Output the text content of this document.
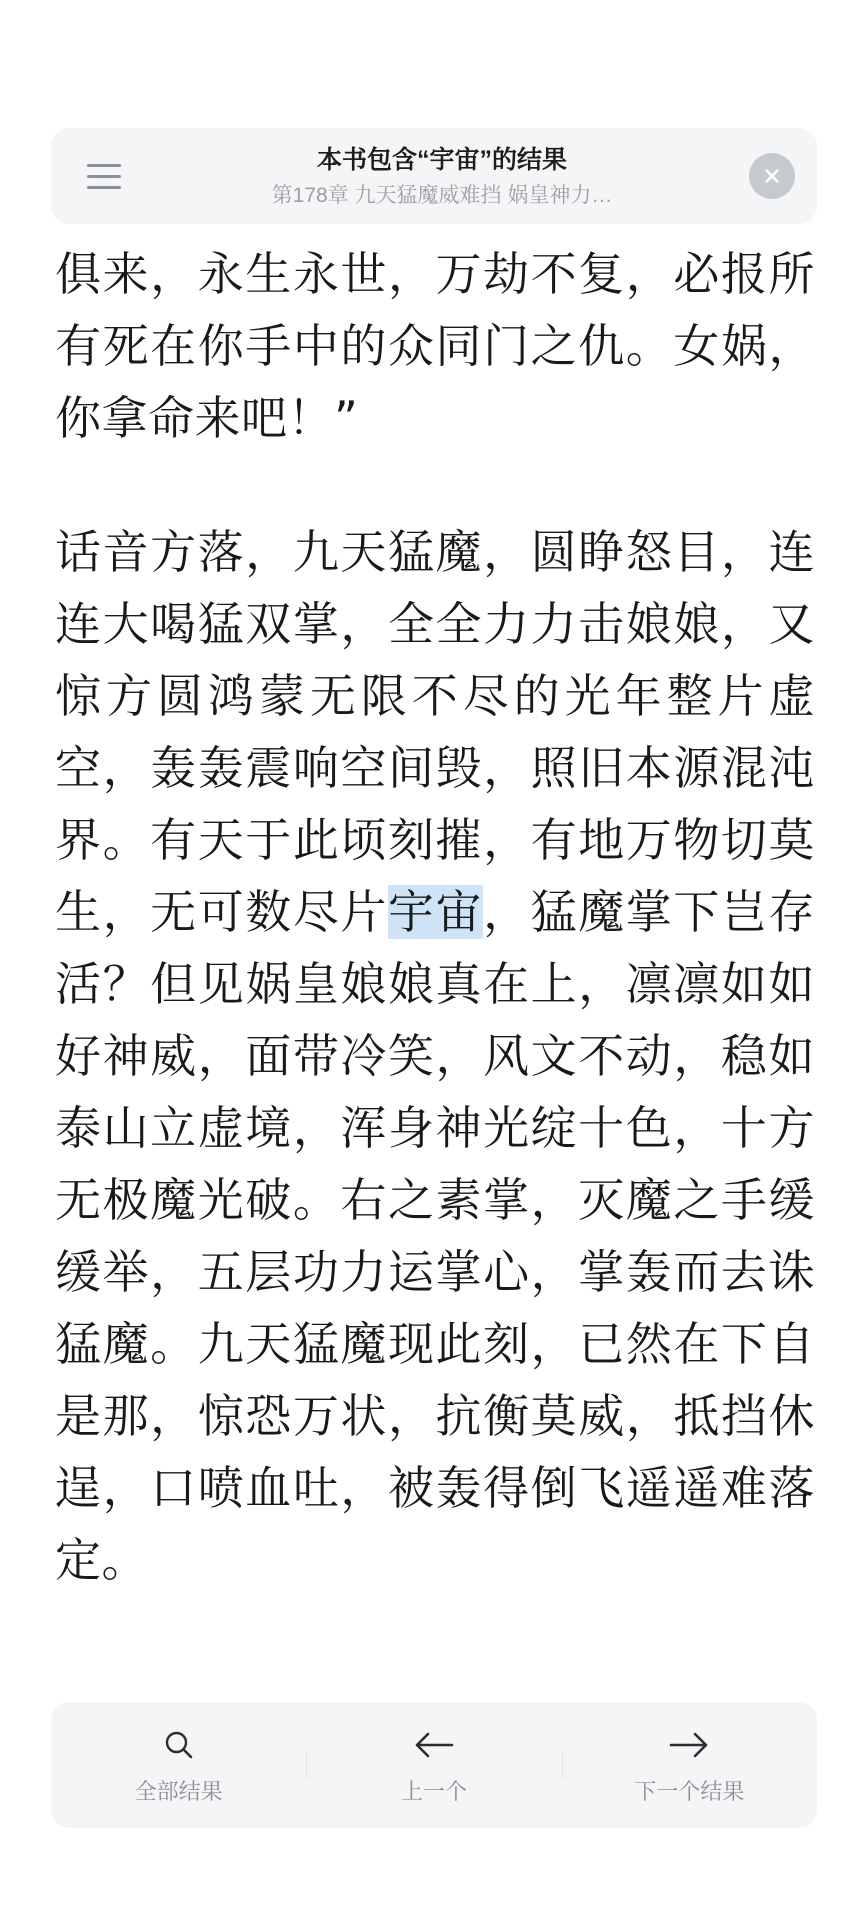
本书包含“宇宙”的结果
第178章 九天猛魔威难挡 娲皇神力…

俱来，永生永世，万劫不复，必报所有死在你手中的众同门之仇。女娲，你拿命来吧！”

话音方落，九天猛魔，圆睁怒目，连连大喝猛双掌，全全力力击娘娘，又惊方圆鸿蒙无限不尽的光年整片虚空，轰轰震响空间毁，照旧本源混沌界。有天于此顷刻摧，有地万物切莫生，无可数尽片宇宙，猛魔掌下岂存活？但见娲皇娘娘真在上，凛凛如如好神威，面带冷笑，风文不动，稳如泰山立虚境，浑身神光绽十色，十方无极魔光破。右之素掌，灭魔之手缓缓举，五层功力运掌心，掌轰而去诛猛魔。九天猛魔现此刻，已然在下自是那，惊恐万状，抗衡莫威，抵挡休逞，口喷血吐，被轰得倒飞遥遥难落定。

全部结果	上一个	下一个结果
